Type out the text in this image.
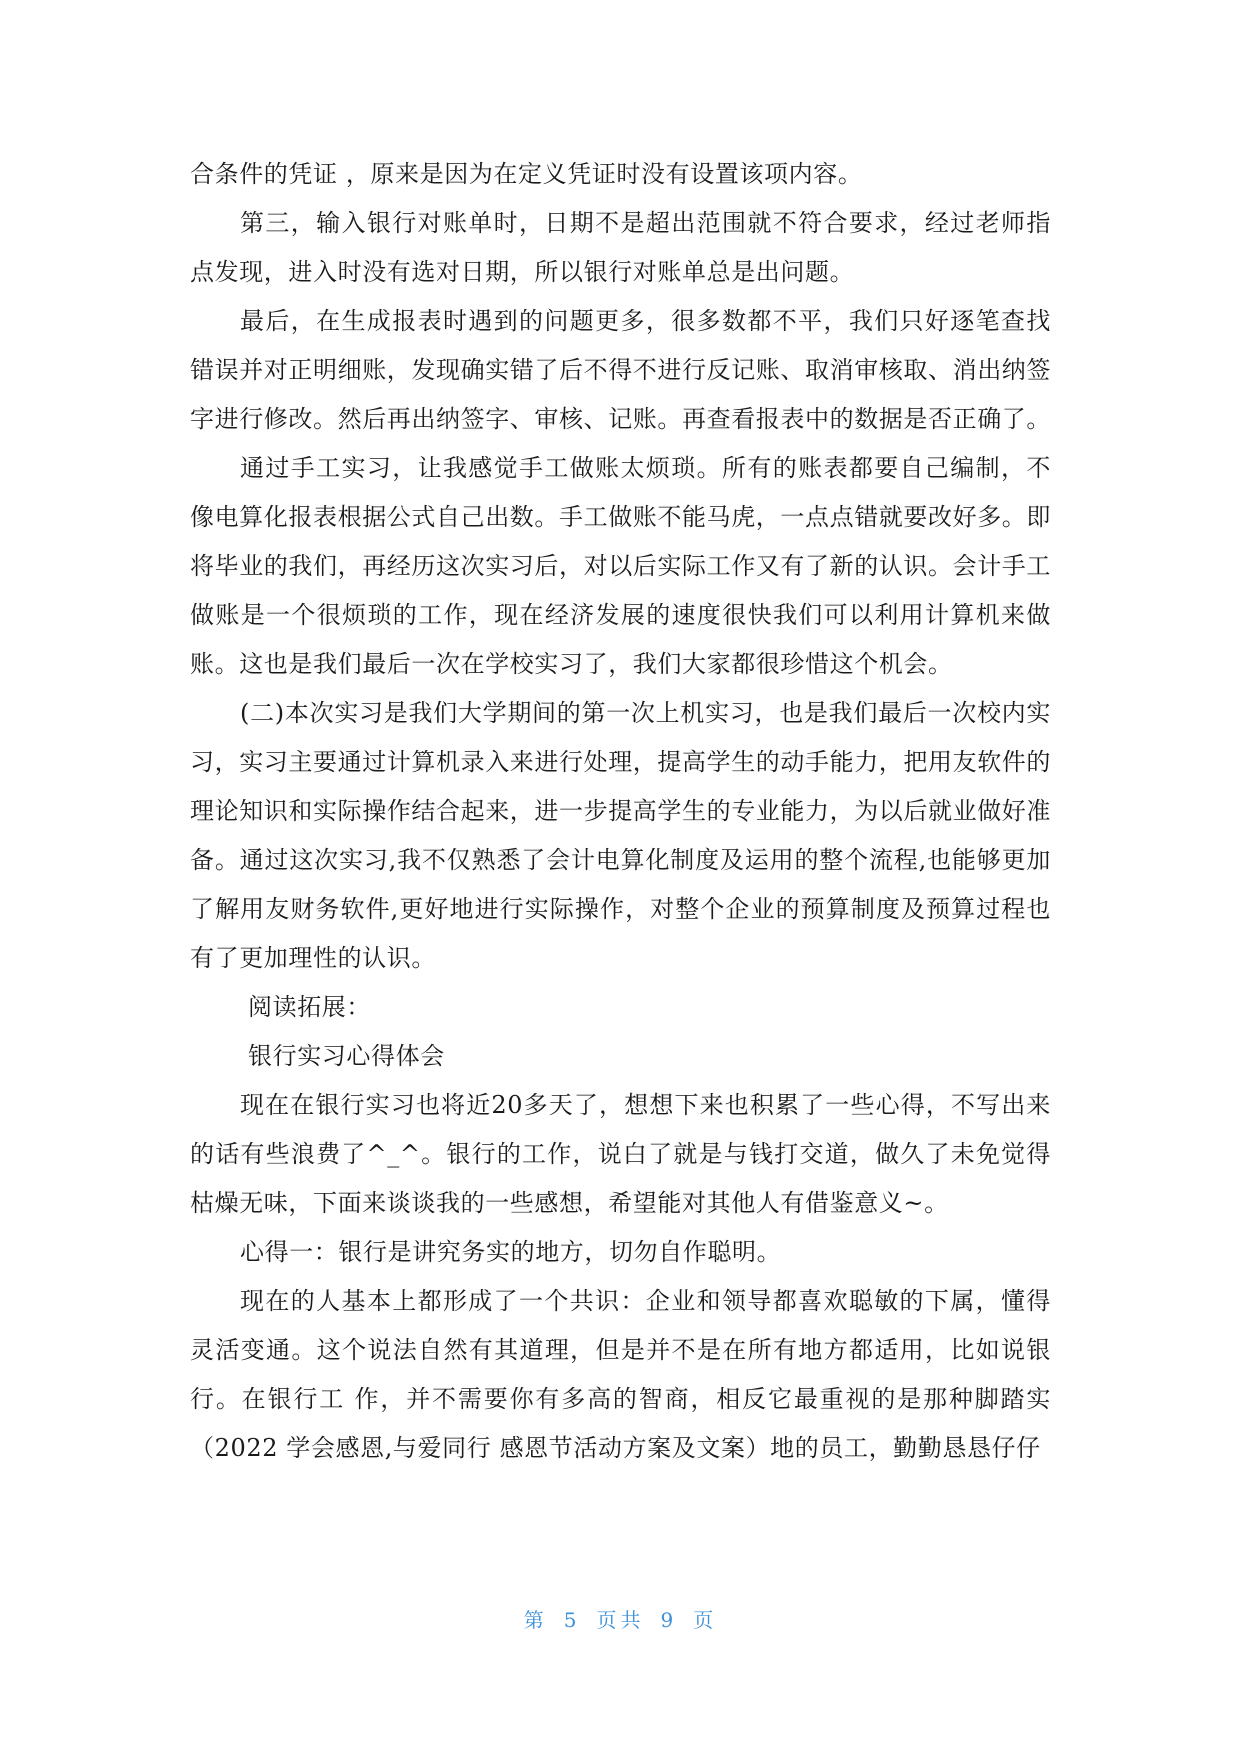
合条件的凭证 ，原来是因为在定义凭证时没有设置该项内容。

第三，输入银行对账单时，日期不是超出范围就不符合要求，经过老师指点发现，进入时没有选对日期，所以银行对账单总是出问题。

最后，在生成报表时遇到的问题更多，很多数都不平，我们只好逐笔查找错误并对正明细账，发现确实错了后不得不进行反记账、取消审核取、消出纳签字进行修改。然后再出纳签字、审核、记账。再查看报表中的数据是否正确了。

通过手工实习，让我感觉手工做账太烦琐。所有的账表都要自己编制，不像电算化报表根据公式自己出数。手工做账不能马虎，一点点错就要改好多。即将毕业的我们，再经历这次实习后，对以后实际工作又有了新的认识。会计手工做账是一个很烦琐的工作，现在经济发展的速度很快我们可以利用计算机来做账。这也是我们最后一次在学校实习了，我们大家都很珍惜这个机会。

(二)本次实习是我们大学期间的第一次上机实习，也是我们最后一次校内实习，实习主要通过计算机录入来进行处理，提高学生的动手能力，把用友软件的理论知识和实际操作结合起来，进一步提高学生的专业能力，为以后就业做好准备。通过这次实习,我不仅熟悉了会计电算化制度及运用的整个流程,也能够更加了解用友财务软件,更好地进行实际操作，对整个企业的预算制度及预算过程也有了更加理性的认识。

阅读拓展：

银行实习心得体会

现在在银行实习也将近20多天了，想想下来也积累了一些心得，不写出来的话有些浪费了^_^。银行的工作，说白了就是与钱打交道，做久了未免觉得枯燥无味，下面来谈谈我的一些感想，希望能对其他人有借鉴意义~。

心得一：银行是讲究务实的地方，切勿自作聪明。

现在的人基本上都形成了一个共识：企业和领导都喜欢聪敏的下属，懂得灵活变通。这个说法自然有其道理，但是并不是在所有地方都适用，比如说银行。在银行工 作，并不需要你有多高的智商，相反它最重视的是那种脚踏实（2022 学会感恩,与爱同行 感恩节活动方案及文案）地的员工，勤勤恳恳仔仔

第 5 页共 9 页
